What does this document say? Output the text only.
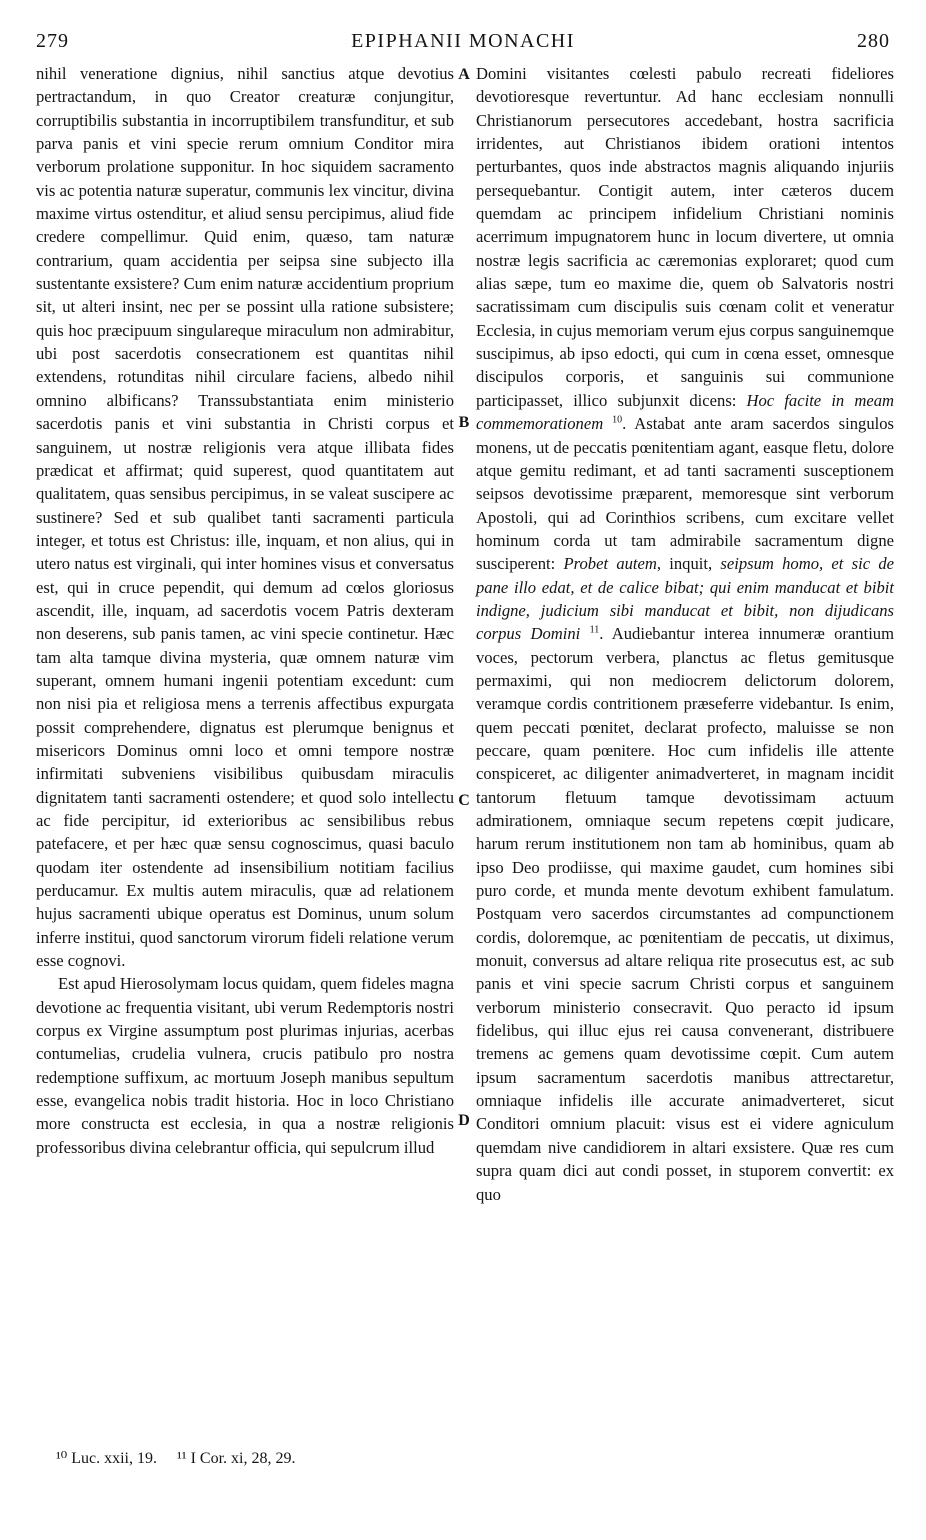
279	EPIPHANII MONACHI	280

nihil veneratione dignius, nihil sanctius atque devotius pertractandum, in quo Creator creaturæ conjungitur, corruptibilis substantia in incorruptibilem transfunditur, et sub parva panis et vini specie rerum omnium Conditor mira verborum prolatione supponitur. In hoc siquidem sacramento vis ac potentia naturæ superatur, communis lex vincitur, divina maxime virtus ostenditur, et aliud sensu percipimus, aliud fide credere compellimur. Quid enim, quæso, tam naturæ contrarium, quam accidentia per seipsa sine subjecto illa sustentante exsistere? Cum enim naturæ accidentium proprium sit, ut alteri insint, nec per se possint ulla ratione subsistere; quis hoc præcipuum singulareque miraculum non admirabitur, ubi post sacerdotis consecrationem est quantitas nihil extendens, rotunditas nihil circulare faciens, albedo nihil omnino albificans? Transsubstantiata enim ministerio sacerdotis panis et vini substantia in Christi corpus et sanguinem, ut nostræ religionis vera atque illibata fides prædicat et affirmat; quid superest, quod quantitatem aut qualitatem, quas sensibus percipimus, in se valeat suscipere ac sustinere? Sed et sub qualibet tanti sacramenti particula integer, et totus est Christus: ille, inquam, et non alius, qui in utero natus est virginali, qui inter homines visus et conversatus est, qui in cruce pependit, qui demum ad cœlos gloriosus ascendit, ille, inquam, ad sacerdotis vocem Patris dexteram non deserens, sub panis tamen, ac vini specie continetur. Hæc tam alta tamque divina mysteria, quæ omnem naturæ vim superant, omnem humani ingenii potentiam excedunt: cum non nisi pia et religiosa mens a terrenis affectibus expurgata possit comprehendere, dignatus est plerumque benignus et misericors Dominus omni loco et omni tempore nostræ infirmitati subveniens visibilibus quibusdam miraculis dignitatem tanti sacramenti ostendere; et quod solo intellectu ac fide percipitur, id exterioribus ac sensibilibus rebus patefacere, et per hæc quæ sensu cognoscimus, quasi baculo quodam iter ostendente ad insensibilium notitiam facilius perducamur. Ex multis autem miraculis, quæ ad relationem hujus sacramenti ubique operatus est Dominus, unum solum inferre institui, quod sanctorum virorum fideli relatione verum esse cognovi.

Est apud Hierosolymam locus quidam, quem fideles magna devotione ac frequentia visitant, ubi verum Redemptoris nostri corpus ex Virgine assumptum post plurimas injurias, acerbas contumelias, crudelia vulnera, crucis patibulo pro nostra redemptione suffixum, ac mortuum Joseph manibus sepultum esse, evangelica nobis tradit historia. Hoc in loco Christiano more constructa est ecclesia, in qua a nostræ religionis professoribus divina celebrantur officia, qui sepulcrum illud

A
B
C
D

Domini visitantes cœlesti pabulo recreati fideliores devotioresque revertuntur. Ad hanc ecclesiam nonnulli Christianorum persecutores accedebant, hostra sacrificia irridentes, aut Christianos ibidem orationi intentos perturbantes, quos inde abstractos magnis aliquando injuriis persequebantur. Contigit autem, inter cæteros ducem quemdam ac principem infidelium Christiani nominis acerrimum impugnatorem hunc in locum divertere, ut omnia nostræ legis sacrificia ac cæremonias exploraret; quod cum alias sæpe, tum eo maxime die, quem ob Salvatoris nostri sacratissimam cum discipulis suis cœnam colit et veneratur Ecclesia, in cujus memoriam verum ejus corpus sanguinemque suscipimus, ab ipso edocti, qui cum in cœna esset, omnesque discipulos corporis, et sanguinis sui communione participasset, illico subjunxit dicens: Hoc facite in meam commemorationem $^{10}$. Astabat ante aram sacerdos singulos monens, ut de peccatis pœnitentiam agant, easque fletu, dolore atque gemitu redimant, et ad tanti sacramenti susceptionem seipsos devotissime præparent, memoresque sint verborum Apostoli, qui ad Corinthios scribens, cum excitare vellet hominum corda ut tam admirabile sacramentum digne susciperent: Probet autem, inquit, seipsum homo, et sic de pane illo edat, et de calice bibat; qui enim manducat et bibit indigne, judicium sibi manducat et bibit, non dijudicans corpus Domini $^{11}$. Audiebantur interea innumeræ orantium voces, pectorum verbera, planctus ac fletus gemitusque permaximi, qui non mediocrem delictorum dolorem, veramque cordis contritionem præseferre videbantur. Is enim, quem peccati pœnitet, declarat profecto, maluisse se non peccare, quam pœnitere. Hoc cum infidelis ille attente conspiceret, ac diligenter animadverteret, in magnam incidit tantorum fletuum tamque devotissimam actuum admirationem, omniaque secum repetens cœpit judicare, harum rerum institutionem non tam ab hominibus, quam ab ipso Deo prodiisse, qui maxime gaudet, cum homines sibi puro corde, et munda mente devotum exhibent famulatum. Postquam vero sacerdos circumstantes ad compunctionem cordis, dolоremque, ac pœnitentiam de peccatis, ut diximus, monuit, conversus ad altare reliqua rite prosecutus est, ac sub panis et vini specie sacrum Christi corpus et sanguinem verborum ministerio consecravit. Quo peracto id ipsum fidelibus, qui illuc ejus rei causa convenerant, distribuere tremens ac gemens quam devotissime cœpit. Cum autem ipsum sacramentum sacerdotis manibus attrectaretur, omniaque infidelis ille accurate animadverteret, sicut Conditori omnium placuit: visus est ei videre agniculum quemdam nive candidiorem in altari exsistere. Quæ res cum supra quam dici aut condi posset, in stuporem convertit: ex quo

¹⁰ Luc. xxii, 19. ¹¹ I Cor. xi, 28, 29.
